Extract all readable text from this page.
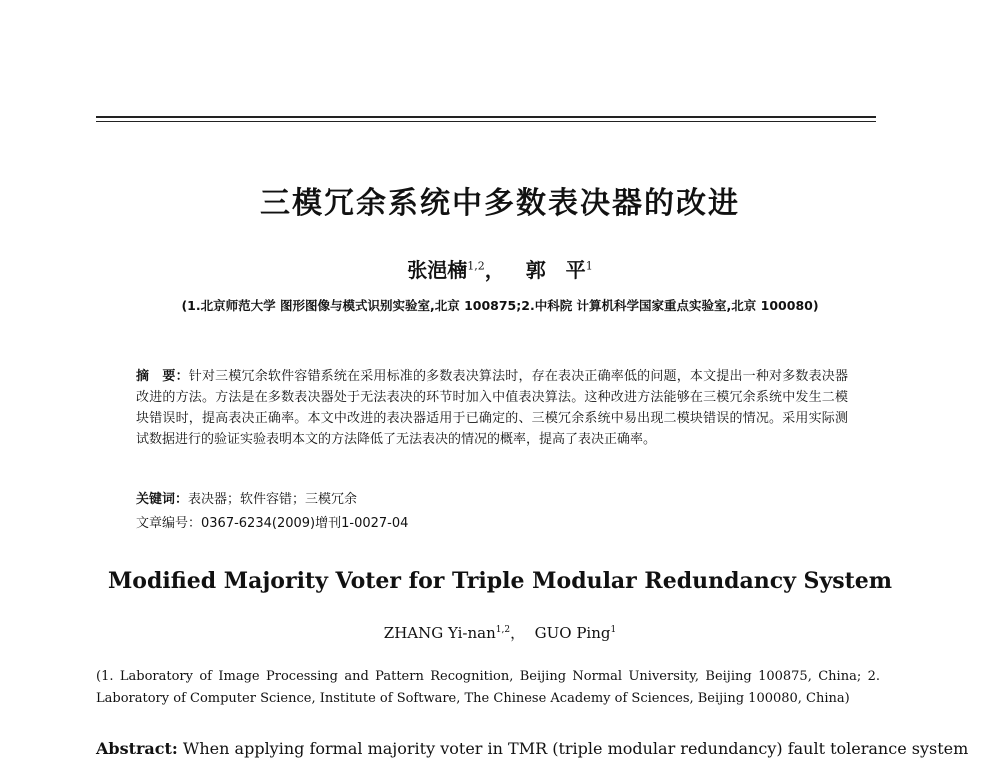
三模冗余系统中多数表决器的改进
张浥楠$^{1,2}$， 郭　平$^1$
(1.北京师范大学 图形图像与模式识别实验室,北京 100875;2.中科院 计算机科学国家重点实验室,北京 100080)
摘　要：针对三模冗余软件容错系统在采用标准的多数表决算法时，存在表决正确率低的问题，本文提出一种对多数表决器改进的方法。方法是在多数表决器处于无法表决的环节时加入中值表决算法。这种改进方法能够在三模冗余系统中发生二模块错误时，提高表决正确率。本文中改进的表决器适用于已确定的、三模冗余系统中易出现二模块错误的情况。采用实际测试数据进行的验证实验表明本文的方法降低了无法表决的情况的概率，提高了表决正确率。
关键词：表决器；软件容错；三模冗余
文章编号：0367-6234(2009)增刊1-0027-04
Modified Majority Voter for Triple Modular Redundancy System
ZHANG Yi-nan$^{1,2}$， GUO Ping$^1$
(1. Laboratory of Image Processing and Pattern Recognition, Beijing Normal University, Beijing 100875, China; 2. Laboratory of Computer Science, Institute of Software, The Chinese Academy of Sciences, Beijing 100080, China)
Abstract: When applying formal majority voter in TMR (triple modular redundancy) fault tolerance system
